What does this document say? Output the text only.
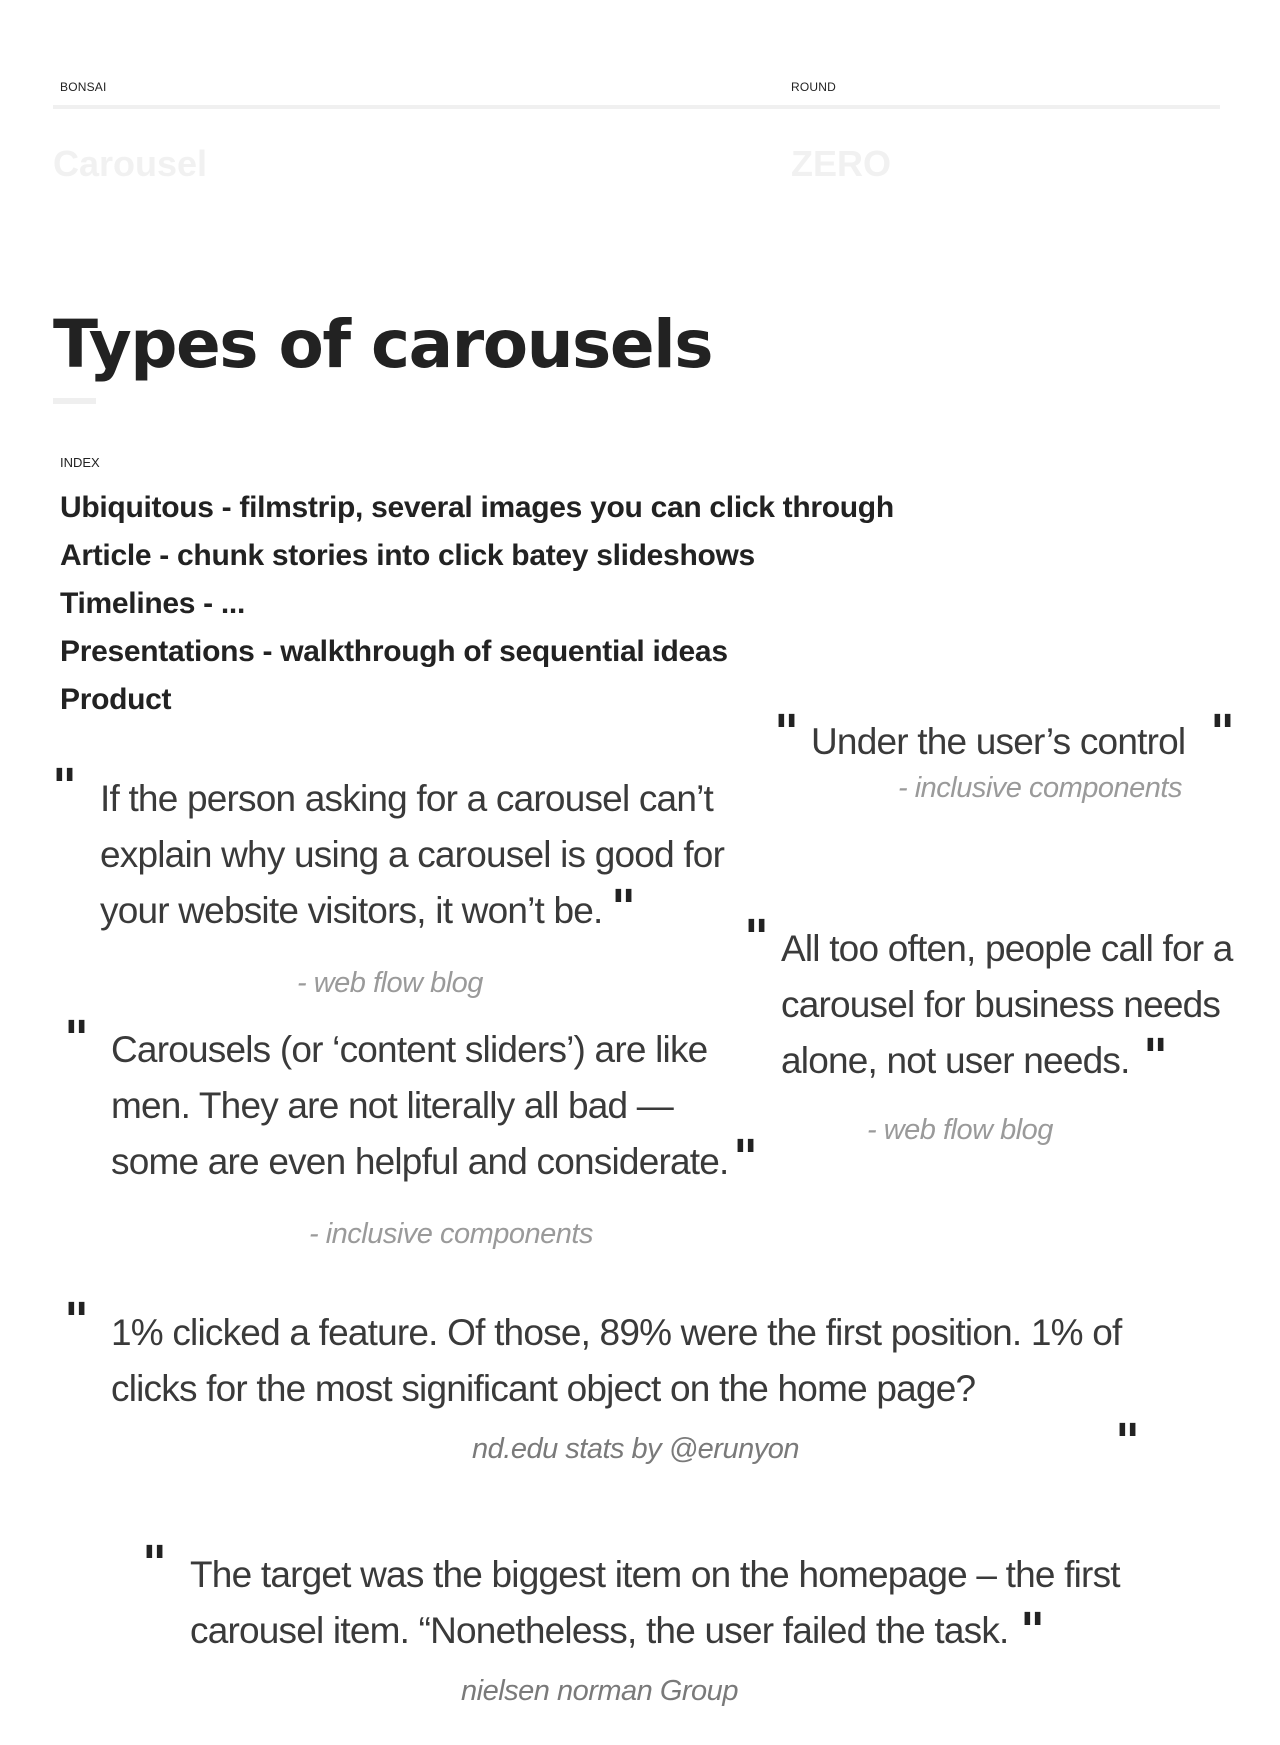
BONSAI	ROUND
Carousel	ZERO
Types of carousels
INDEX
Ubiquitous - filmstrip, several images you can click through
Article - chunk stories into click batey slideshows
Timelines - ...
Presentations - walkthrough of sequential ideas
Product
" Under the user’s control "
- inclusive components
" If the person asking for a carousel can’t

explain why using a carousel is good for

your website visitors, it won’t be. "
- web flow blog
" All too often, people call for a

carousel for business needs

alone, not user needs. "
- web flow blog
" Carousels (or ‘content sliders’) are like

men. They are not literally all bad —

some are even helpful and considerate. "
- inclusive components
" 1% clicked a feature. Of those, 89% were the first position. 1% of

clicks for the most significant object on the home page?

"
nd.edu stats by @erunyon
" The target was the biggest item on the homepage – the first

carousel item. “Nonetheless, the user failed the task. "
nielsen norman Group
